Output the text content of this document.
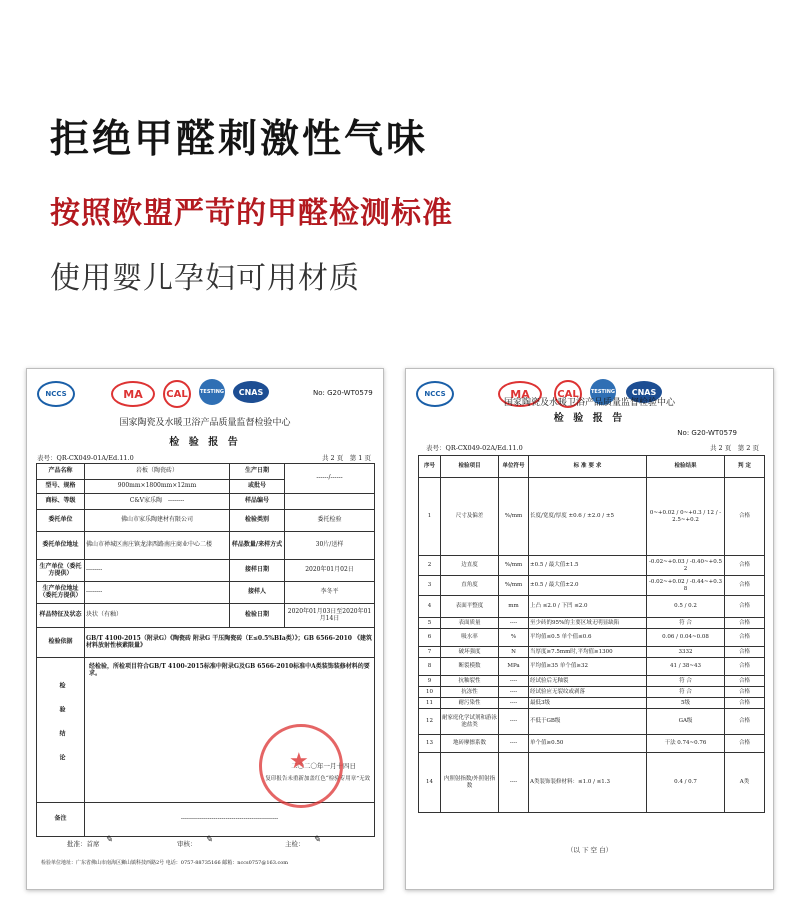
拒绝甲醛刺激性气味
按照欧盟严苛的甲醛检测标准
使用婴儿孕妇可用材质
NCCS	MA	CAL	TESTING	CNAS	No: G20-WT0579
国家陶瓷及水暖卫浴产品质量监督检验中心
检 验 报 告
表号：QR-CX049-01A/Ed.11.0	共 2 页　第 1 页
产品名称	岩板（陶瓷砖）	生产日期	------/------
型号、规格	900mm×1800mm×12mm	或批号	
商标、等级	C&V家乐陶　 --------	样品编号	
委托单位	佛山市家乐陶建材有限公司	检验类别	委托检验
委托单位地址	佛山市禅城区南庄镇龙津西路南庄商业中心二楼	样品数量/来样方式	30片/送样
生产单位（委托方提供）	--------	接样日期	2020年01月02日
生产单位地址（委托方提供）	--------	接样人	李冬平
样品特征及状态	块状（有釉）	检验日期	2020年01月03日至2020年01月14日
检验依据	GB/T 4100-2015（附录G）《陶瓷砖 附录G 干压陶瓷砖（E≤0.5%BIa类）》；GB 6566-2010 《建筑材料放射性核素限量》		
检验结论	经检验，所检项目符合GB/T 4100-2015标准中附录G及GB 6566-2010标准中A类装饰装修材料的要求。
二〇二〇年一月十四日
复印报告未重新加盖红色“检验专用章”无效		

备注	------------------------------------------------		
★
批准：首席 ✎	审核： ✎	主检： ✎
检验单位地址：广东省佛山市南海区狮山镇科技西路2号 电话：0757-88735166 邮箱：nccs0757@163.com
NCCS	MA	CAL	TESTING	CNAS
国家陶瓷及水暖卫浴产品质量监督检验中心
检 验 报 告
No: G20-WT0579
表号：QR-CX049-02A/Ed.11.0	共 2 页　第 2 页
序号	检验项目	单位符号	标 准 要 求	检验结果	判 定
1	尺寸及偏差	%/mm	长度/宽度/厚度 ±0.6 / ±2.0 / ±5	0~+0.02 / 0~+0.3 / 12 / -2.5~+0.2	合格
2	边直度	%/mm	±0.5 / 最大值±1.5	-0.02~+0.03 / -0.40~+0.52	合格
3	直角度	%/mm	±0.5 / 最大值±2.0	-0.02~+0.02 / -0.44~+0.38	合格
4	表面平整度	mm	上凸 ≤2.0 / 下凹 ≤2.0	0.5 / 0.2	合格
5	表面质量	----	至少砖的95%的主要区域无明显缺陷	符 合	合格
6	吸水率	%	平均值≤0.5 单个值≤0.6	0.06 / 0.04~0.08	合格
7	破坏强度	N	当厚度≥7.5mm时,平均值≥1300	3332	合格
8	断裂模数	MPa	平均值≥35 单个值≥32	41 / 38~43	合格
9	抗釉裂性	----	经试验后无釉裂	符 合	合格
10	抗冻性	----	经试验应无裂纹或剥落	符 合	合格
11	耐污染性	----	最低3级	5级	合格
12	耐家庭化学试剂和游泳池盐类	----	不低于GB级	GA级	合格
13	地砖摩擦系数	----	单个值≥0.50	干法 0.74~0.76	合格
14	内照射指数/外照射指数	----	A类装饰装修材料：≤1.0 / ≤1.3	0.4 / 0.7	A类
（以 下 空 白）
